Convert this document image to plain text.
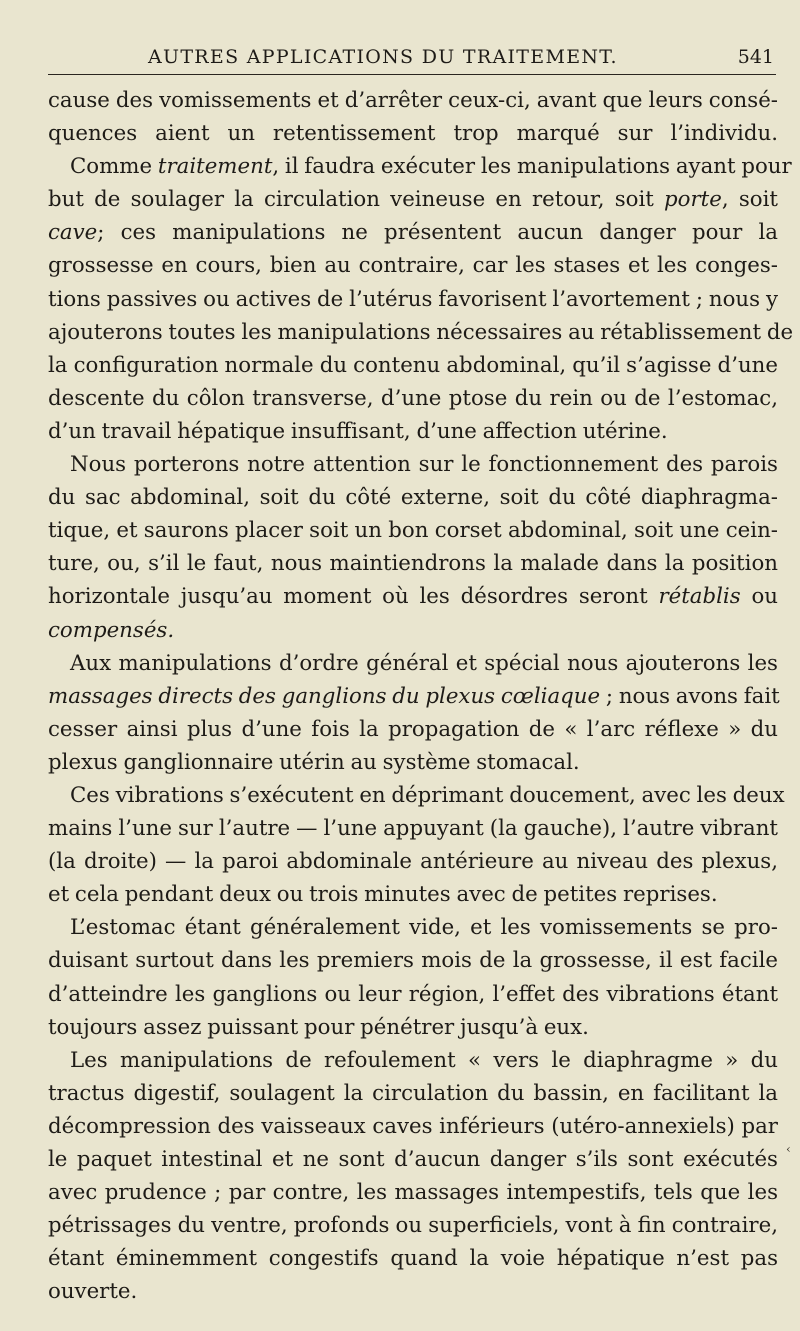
AUTRES APPLICATIONS DU TRAITEMENT.	541
cause des vomissements et d’arrêter ceux-ci, avant que leurs consé-
quences aient un retentissement trop marqué sur l’individu.
Comme traitement, il faudra exécuter les manipulations ayant pour
but de soulager la circulation veineuse en retour, soit porte, soit
cave; ces manipulations ne présentent aucun danger pour la
grossesse en cours, bien au contraire, car les stases et les conges-
tions passives ou actives de l’utérus favorisent l’avortement ; nous y
ajouterons toutes les manipulations nécessaires au rétablissement de
la configuration normale du contenu abdominal, qu’il s’agisse d’une
descente du côlon transverse, d’une ptose du rein ou de l’estomac,
d’un travail hépatique insuffisant, d’une affection utérine.
Nous porterons notre attention sur le fonctionnement des parois
du sac abdominal, soit du côté externe, soit du côté diaphragma-
tique, et saurons placer soit un bon corset abdominal, soit une cein-
ture, ou, s’il le faut, nous maintiendrons la malade dans la position
horizontale jusqu’au moment où les désordres seront rétablis ou
compensés.
Aux manipulations d’ordre général et spécial nous ajouterons les
massages directs des ganglions du plexus cœliaque ; nous avons fait
cesser ainsi plus d’une fois la propagation de « l’arc réflexe » du
plexus ganglionnaire utérin au système stomacal.
Ces vibrations s’exécutent en déprimant doucement, avec les deux
mains l’une sur l’autre — l’une appuyant (la gauche), l’autre vibrant
(la droite) — la paroi abdominale antérieure au niveau des plexus,
et cela pendant deux ou trois minutes avec de petites reprises.
L’estomac étant généralement vide, et les vomissements se pro-
duisant surtout dans les premiers mois de la grossesse, il est facile
d’atteindre les ganglions ou leur région, l’effet des vibrations étant
toujours assez puissant pour pénétrer jusqu’à eux.
Les manipulations de refoulement « vers le diaphragme » du
tractus digestif, soulagent la circulation du bassin, en facilitant la
décompression des vaisseaux caves inférieurs (utéro-annexiels) par
le paquet intestinal et ne sont d’aucun danger s’ils sont exécutés
avec prudence ; par contre, les massages intempestifs, tels que les
pétrissages du ventre, profonds ou superficiels, vont à fin contraire,
étant éminemment congestifs quand la voie hépatique n’est pas
ouverte.
‹
